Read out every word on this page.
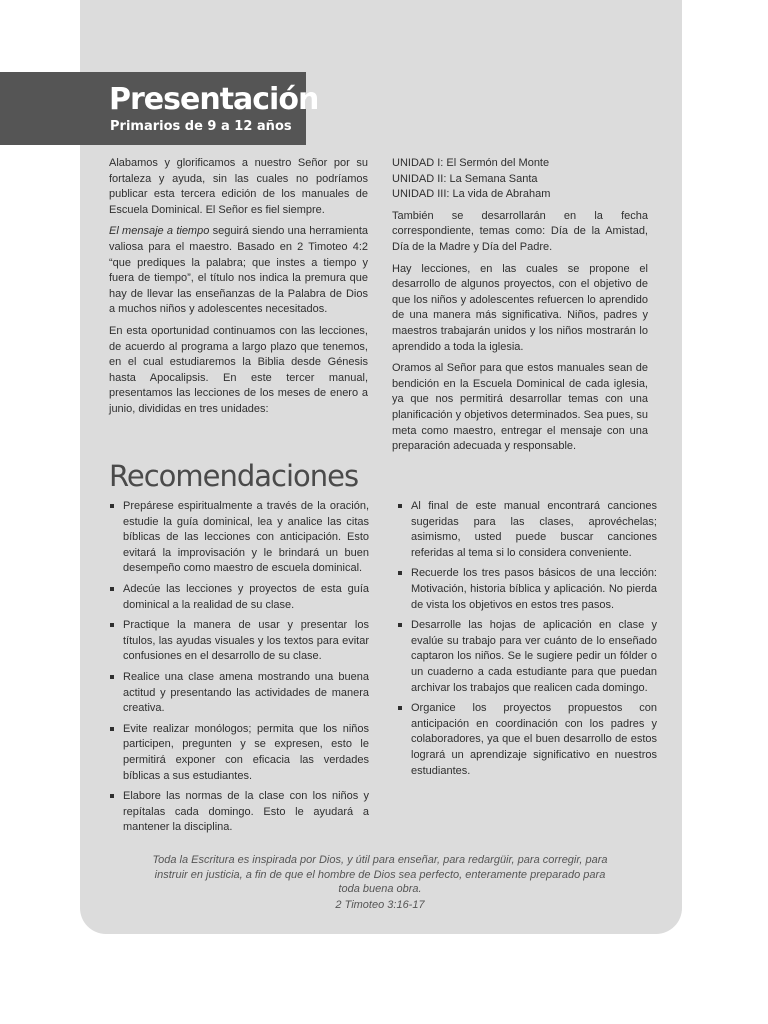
Presentación
Primarios de 9 a 12 años

Alabamos y glorificamos a nuestro Señor por su fortaleza y ayuda, sin las cuales no podríamos publicar esta tercera edición de los manuales de Escuela Dominical. El Señor es fiel siempre.

El mensaje a tiempo seguirá siendo una herramienta valiosa para el maestro. Basado en 2 Timoteo 4:2 “que prediques la palabra; que instes a tiempo y fuera de tiempo”, el título nos indica la premura que hay de llevar las enseñanzas de la Palabra de Dios a muchos niños y adolescentes necesitados.

En esta oportunidad continuamos con las lecciones, de acuerdo al programa a largo plazo que tenemos, en el cual estudiaremos la Biblia desde Génesis hasta Apocalipsis. En este tercer manual, presentamos las lecciones de los meses de enero a junio, divididas en tres unidades:

UNIDAD I: El Sermón del Monte

UNIDAD II: La Semana Santa

UNIDAD III: La vida de Abraham

También se desarrollarán en la fecha correspondiente, temas como: Día de la Amistad, Día de la Madre y Día del Padre.

Hay lecciones, en las cuales se propone el desarrollo de algunos proyectos, con el objetivo de que los niños y adolescentes refuercen lo aprendido de una manera más significativa. Niños, padres y maestros trabajarán unidos y los niños mostrarán lo aprendido a toda la iglesia.

Oramos al Señor para que estos manuales sean de bendición en la Escuela Dominical de cada iglesia, ya que nos permitirá desarrollar temas con una planificación y objetivos determinados. Sea pues, su meta como maestro, entregar el mensaje con una preparación adecuada y responsable.

Recomendaciones
Prepárese espiritualmente a través de la oración, estudie la guía dominical, lea y analice las citas bíblicas de las lecciones con anticipación. Esto evitará la improvisación y le brindará un buen desempeño como maestro de escuela dominical.
Adecúe las lecciones y proyectos de esta guía dominical a la realidad de su clase.
Practique la manera de usar y presentar los títulos, las ayudas visuales y los textos para evitar confusiones en el desarrollo de su clase.
Realice una clase amena mostrando una buena actitud y presentando las actividades de manera creativa.
Evite realizar monólogos; permita que los niños participen, pregunten y se expresen, esto le permitirá exponer con eficacia las verdades bíblicas a sus estudiantes.
Elabore las normas de la clase con los niños y repítalas cada domingo. Esto le ayudará a mantener la disciplina.
Al final de este manual encontrará canciones sugeridas para las clases, aprovéchelas; asimismo, usted puede buscar canciones referidas al tema si lo considera conveniente.
Recuerde los tres pasos básicos de una lección: Motivación, historia bíblica y aplicación. No pierda de vista los objetivos en estos tres pasos.
Desarrolle las hojas de aplicación en clase y evalúe su trabajo para ver cuánto de lo enseñado captaron los niños. Se le sugiere pedir un fólder o un cuaderno a cada estudiante para que puedan archivar los trabajos que realicen cada domingo.
Organice los proyectos propuestos con anticipación en coordinación con los padres y colaboradores, ya que el buen desarrollo de estos logrará un aprendizaje significativo en nuestros estudiantes.
Toda la Escritura es inspirada por Dios, y útil para enseñar, para redargüir, para corregir, para instruir en justicia, a fin de que el hombre de Dios sea perfecto, enteramente preparado para toda buena obra.
2 Timoteo 3:16-17
